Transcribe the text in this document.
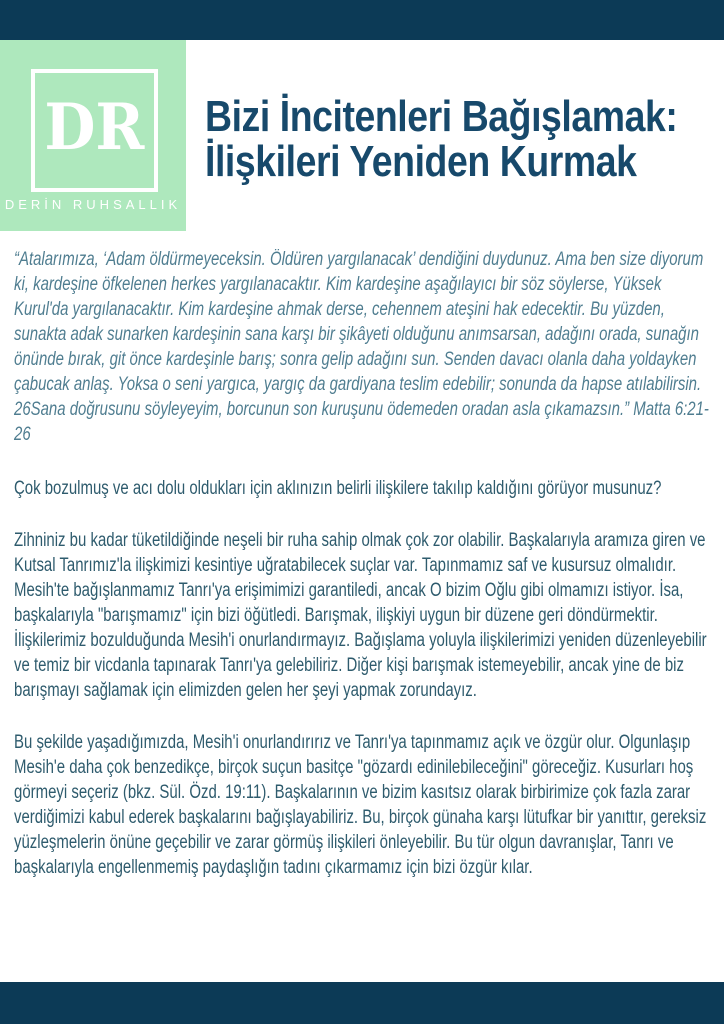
DR
DERİN RUHSALLIK
Bizi İncitenleri Bağışlamak:
İlişkileri Yeniden Kurmak

“Atalarımıza, ‘Adam öldürmeyeceksin. Öldüren yargılanacak’ dendiğini duydunuz. Ama ben size diyorum ki, kardeşine öfkelenen herkes yargılanacaktır. Kim kardeşine aşağılayıcı bir söz söylerse, Yüksek Kurul'da yargılanacaktır. Kim kardeşine ahmak derse, cehennem ateşini hak edecektir. Bu yüzden, sunakta adak sunarken kardeşinin sana karşı bir şikâyeti olduğunu anımsarsan, adağını orada, sunağın önünde bırak, git önce kardeşinle barış; sonra gelip adağını sun. Senden davacı olanla daha yoldayken çabucak anlaş. Yoksa o seni yargıca, yargıç da gardiyana teslim edebilir; sonunda da hapse atılabilirsin. 26Sana doğrusunu söyleyeyim, borcunun son kuruşunu ödemeden oradan asla çıkamazsın.” Matta 6:21-26

Çok bozulmuş ve acı dolu oldukları için aklınızın belirli ilişkilere takılıp kaldığını görüyor musunuz?

Zihniniz bu kadar tüketildiğinde neşeli bir ruha sahip olmak çok zor olabilir. Başkalarıyla aramıza giren ve Kutsal Tanrımız'la ilişkimizi kesintiye uğratabilecek suçlar var. Tapınmamız saf ve kusursuz olmalıdır. Mesih'te bağışlanmamız Tanrı'ya erişimimizi garantiledi, ancak O bizim Oğlu gibi olmamızı istiyor. İsa, başkalarıyla "barışmamız" için bizi öğütledi. Barışmak, ilişkiyi uygun bir düzene geri döndürmektir. İlişkilerimiz bozulduğunda Mesih'i onurlandırmayız. Bağışlama yoluyla ilişkilerimizi yeniden düzenleyebilir ve temiz bir vicdanla tapınarak Tanrı'ya gelebiliriz. Diğer kişi barışmak istemeyebilir, ancak yine de biz barışmayı sağlamak için elimizden gelen her şeyi yapmak zorundayız.

Bu şekilde yaşadığımızda, Mesih'i onurlandırırız ve Tanrı'ya tapınmamız açık ve özgür olur. Olgunlaşıp Mesih'e daha çok benzedikçe, birçok suçun basitçe "gözardı edinilebileceğini" göreceğiz. Kusurları hoş görmeyi seçeriz (bkz. Sül. Özd. 19:11). Başkalarının ve bizim kasıtsız olarak birbirimize çok fazla zarar verdiğimizi kabul ederek başkalarını bağışlayabiliriz. Bu, birçok günaha karşı lütufkar bir yanıttır, gereksiz yüzleşmelerin önüne geçebilir ve zarar görmüş ilişkileri önleyebilir. Bu tür olgun davranışlar, Tanrı ve başkalarıyla engellenmemiş paydaşlığın tadını çıkarmamız için bizi özgür kılar.
